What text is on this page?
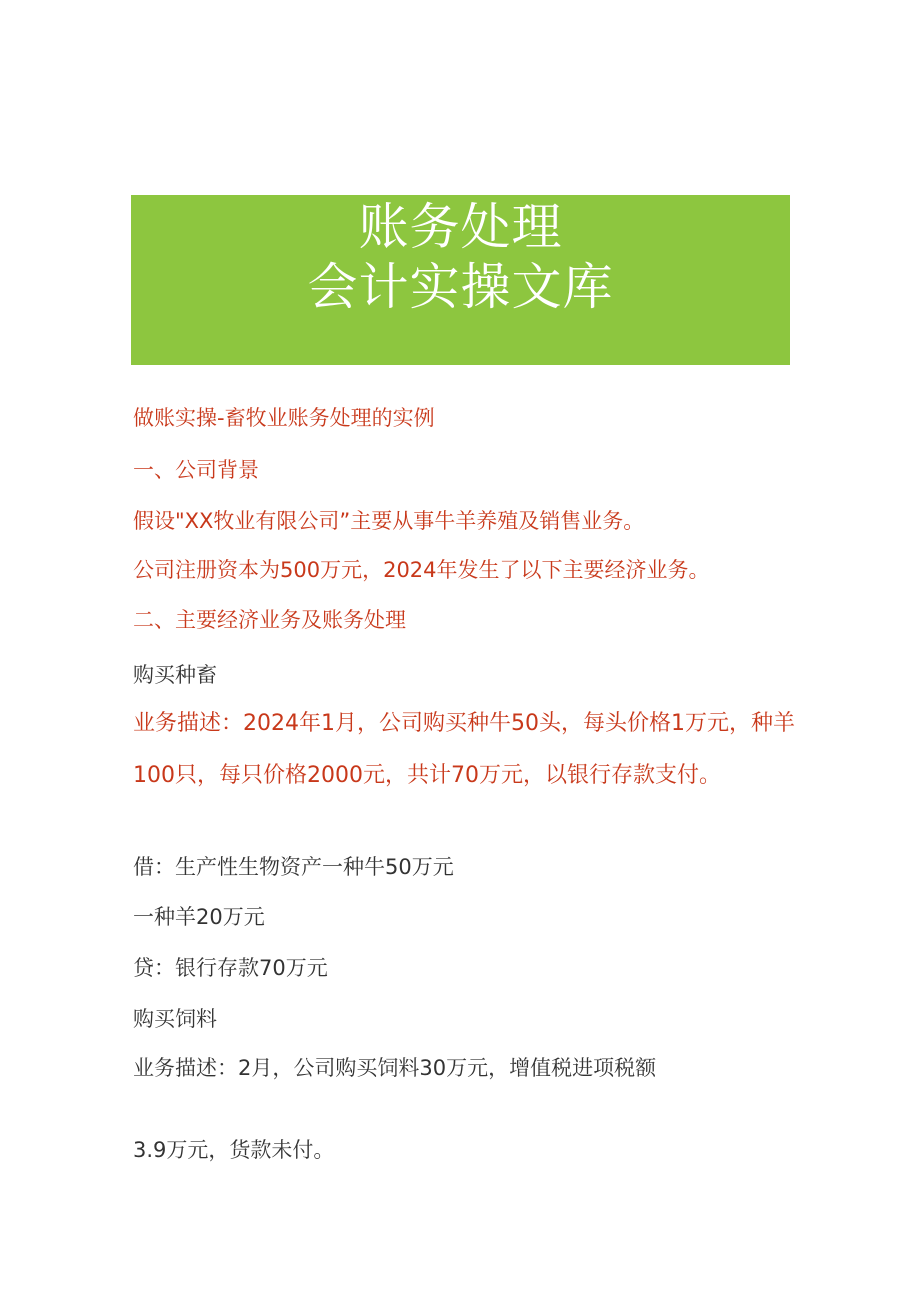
账务处理
会计实操文库
做账实操-畜牧业账务处理的实例
一、公司背景
假设"XX牧业有限公司”主要从事牛羊养殖及销售业务。
公司注册资本为500万元，2024年发生了以下主要经济业务。
二、主要经济业务及账务处理
购买种畜
业务描述：2024年1月，公司购买种牛50头，每头价格1万元，种羊
100只，每只价格2000元，共计70万元，以银行存款支付。
借：生产性生物资产一种牛50万元
一种羊20万元
贷：银行存款70万元
购买饲料
业务描述：2月，公司购买饲料30万元，增值税进项税额
3.9万元，货款未付。
